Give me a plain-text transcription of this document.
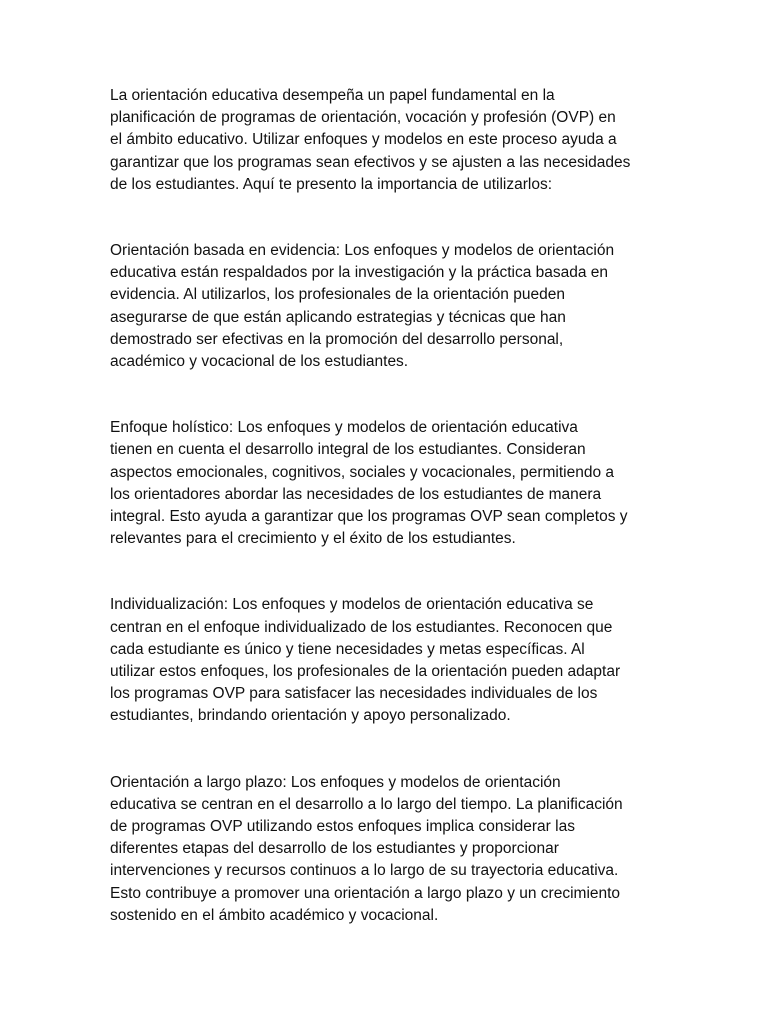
La orientación educativa desempeña un papel fundamental en la
planificación de programas de orientación, vocación y profesión (OVP) en
el ámbito educativo. Utilizar enfoques y modelos en este proceso ayuda a
garantizar que los programas sean efectivos y se ajusten a las necesidades
de los estudiantes. Aquí te presento la importancia de utilizarlos:

Orientación basada en evidencia: Los enfoques y modelos de orientación
educativa están respaldados por la investigación y la práctica basada en
evidencia. Al utilizarlos, los profesionales de la orientación pueden
asegurarse de que están aplicando estrategias y técnicas que han
demostrado ser efectivas en la promoción del desarrollo personal,
académico y vocacional de los estudiantes.

Enfoque holístico: Los enfoques y modelos de orientación educativa
tienen en cuenta el desarrollo integral de los estudiantes. Consideran
aspectos emocionales, cognitivos, sociales y vocacionales, permitiendo a
los orientadores abordar las necesidades de los estudiantes de manera
integral. Esto ayuda a garantizar que los programas OVP sean completos y
relevantes para el crecimiento y el éxito de los estudiantes.

Individualización: Los enfoques y modelos de orientación educativa se
centran en el enfoque individualizado de los estudiantes. Reconocen que
cada estudiante es único y tiene necesidades y metas específicas. Al
utilizar estos enfoques, los profesionales de la orientación pueden adaptar
los programas OVP para satisfacer las necesidades individuales de los
estudiantes, brindando orientación y apoyo personalizado.

Orientación a largo plazo: Los enfoques y modelos de orientación
educativa se centran en el desarrollo a lo largo del tiempo. La planificación
de programas OVP utilizando estos enfoques implica considerar las
diferentes etapas del desarrollo de los estudiantes y proporcionar
intervenciones y recursos continuos a lo largo de su trayectoria educativa.
Esto contribuye a promover una orientación a largo plazo y un crecimiento
sostenido en el ámbito académico y vocacional.
